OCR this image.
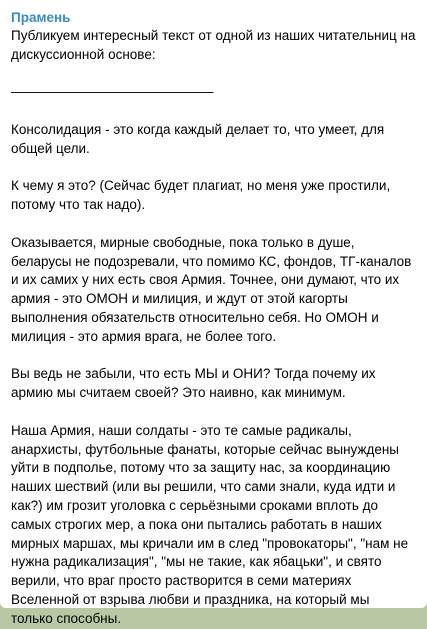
Прамень
Публикуем интересный текст от одной из наших читательниц на дискуссионной основе:

———————————————

Консолидация - это когда каждый делает то, что умеет, для общей цели.

К чему я это? (Сейчас будет плагиат, но меня уже простили, потому что так надо).

Оказывается, мирные свободные, пока только в душе, беларусы не подозревали, что помимо КС, фондов, ТГ-каналов и их самих у них есть своя Армия. Точнее, они думают, что их армия - это ОМОН и милиция, и ждут от этой кагорты выполнения обязательств относительно себя. Но ОМОН и милиция - это армия врага, не более того.

Вы ведь не забыли, что есть МЫ и ОНИ? Тогда почему их армию мы считаем своей? Это наивно, как минимум.

Наша Армия, наши солдаты - это те самые радикалы, анархисты, футбольные фанаты, которые сейчас вынуждены уйти в подполье, потому что за защиту нас, за координацию наших шествий (или вы решили, что сами знали, куда идти и как?) им грозит уголовка с серьёзными сроками вплоть до самых строгих мер, а пока они пытались работать в наших мирных маршах, мы кричали им в след "провокаторы", "нам не нужна радикализация", "мы не такие, как ябацьки", и свято верили, что враг просто растворится в семи материях Вселенной от взрыва любви и праздника, на который мы  только способны.
